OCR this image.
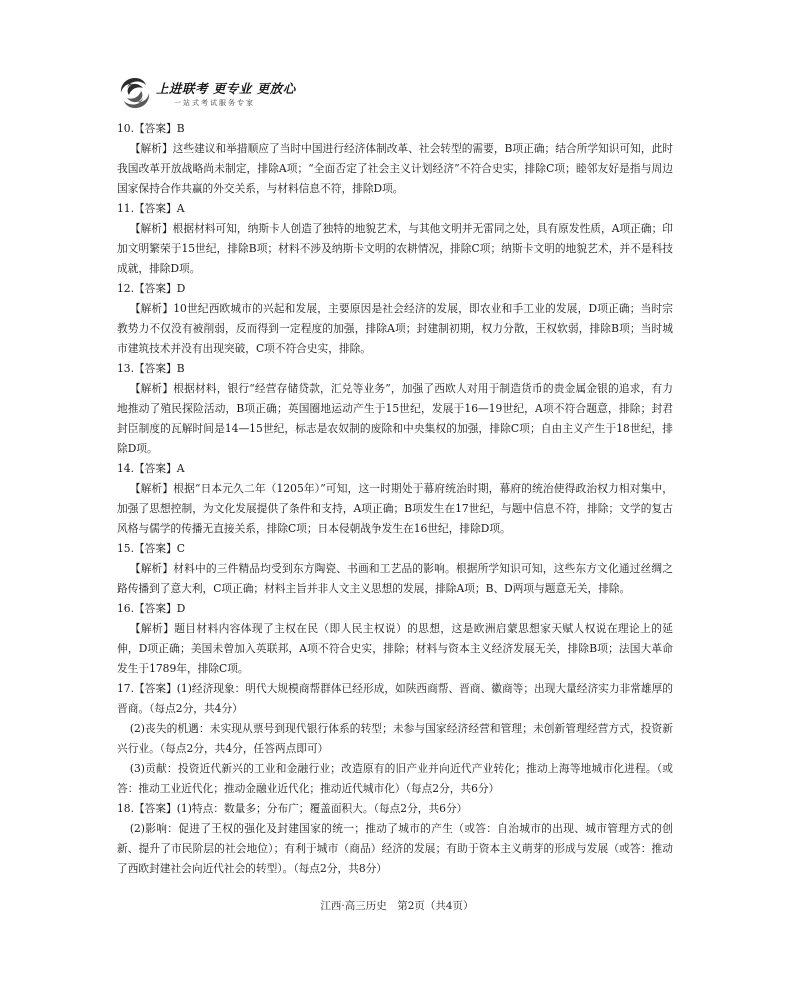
上进联考 更专业 更放心
一站式考试服务专家
10.【答案】B
【解析】这些建议和举措顺应了当时中国进行经济体制改革、社会转型的需要，B项正确；结合所学知识可知，此时我国改革开放战略尚未制定，排除A项；“全面否定了社会主义计划经济”不符合史实，排除C项；睦邻友好是指与周边国家保持合作共赢的外交关系，与材料信息不符，排除D项。
11.【答案】A
【解析】根据材料可知，纳斯卡人创造了独特的地貌艺术，与其他文明并无雷同之处，具有原发性质，A项正确；印加文明繁荣于15世纪，排除B项；材料不涉及纳斯卡文明的农耕情况，排除C项；纳斯卡文明的地貌艺术，并不是科技成就，排除D项。
12.【答案】D
【解析】10世纪西欧城市的兴起和发展，主要原因是社会经济的发展，即农业和手工业的发展，D项正确；当时宗教势力不仅没有被削弱，反而得到一定程度的加强，排除A项；封建制初期，权力分散，王权软弱，排除B项；当时城市建筑技术并没有出现突破，C项不符合史实，排除。
13.【答案】B
【解析】根据材料，银行“经营存储贷款，汇兑等业务”，加强了西欧人对用于制造货币的贵金属金银的追求，有力地推动了殖民探险活动，B项正确；英国圈地运动产生于15世纪，发展于16—19世纪，A项不符合题意，排除；封君封臣制度的瓦解时间是14—15世纪，标志是农奴制的废除和中央集权的加强，排除C项；自由主义产生于18世纪，排除D项。
14.【答案】A
【解析】根据“日本元久二年（1205年）”可知，这一时期处于幕府统治时期，幕府的统治使得政治权力相对集中，加强了思想控制，为文化发展提供了条件和支持，A项正确；B项发生在17世纪，与题中信息不符，排除；文学的复古风格与儒学的传播无直接关系，排除C项；日本侵朝战争发生在16世纪，排除D项。
15.【答案】C
【解析】材料中的三件精品均受到东方陶瓷、书画和工艺品的影响。根据所学知识可知，这些东方文化通过丝绸之路传播到了意大利，C项正确；材料主旨并非人文主义思想的发展，排除A项；B、D两项与题意无关，排除。
16.【答案】D
【解析】题目材料内容体现了主权在民（即人民主权说）的思想，这是欧洲启蒙思想家天赋人权说在理论上的延伸，D项正确；美国未曾加入英联邦，A项不符合史实，排除；材料与资本主义经济发展无关，排除B项；法国大革命发生于1789年，排除C项。
17.【答案】(1)经济现象：明代大规模商帮群体已经形成，如陕西商帮、晋商、徽商等；出现大量经济实力非常雄厚的晋商。（每点2分，共4分）
(2)丧失的机遇：未实现从票号到现代银行体系的转型；未参与国家经济经营和管理；未创新管理经营方式，投资新兴行业。（每点2分，共4分，任答两点即可）
(3)贡献：投资近代新兴的工业和金融行业；改造原有的旧产业并向近代产业转化；推动上海等地城市化进程。（或答：推动工业近代化；推动金融业近代化；推动近代城市化）（每点2分，共6分）
18.【答案】(1)特点：数量多；分布广；覆盖面积大。（每点2分，共6分）
(2)影响：促进了王权的强化及封建国家的统一；推动了城市的产生（或答：自治城市的出现、城市管理方式的创新、提升了市民阶层的社会地位）；有利于城市（商品）经济的发展；有助于资本主义萌芽的形成与发展（或答：推动了西欧封建社会向近代社会的转型）。（每点2分，共8分）
江西·高三历史　第2页（共4页）
